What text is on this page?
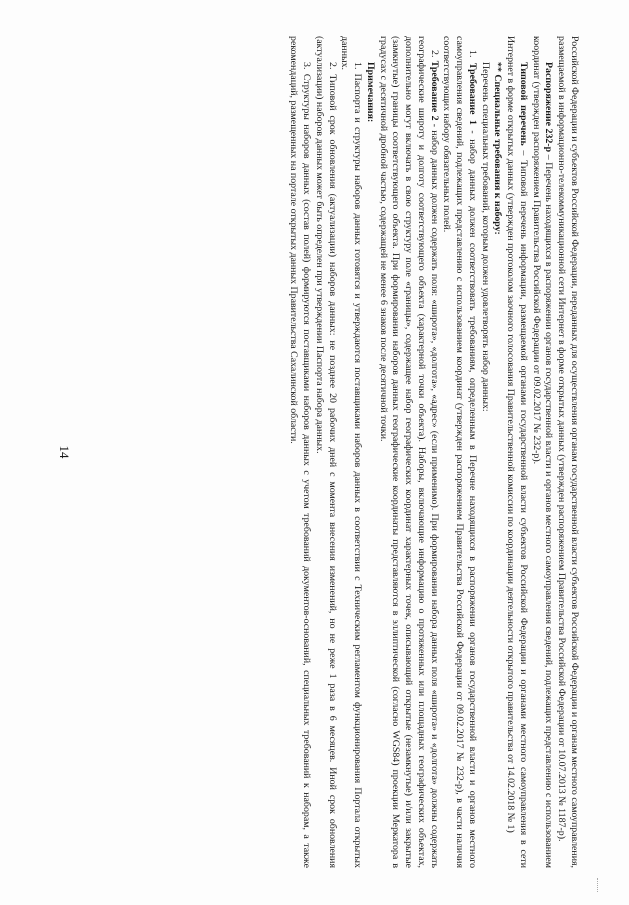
14	Российской Федерации и субъектов Российской Федерации, переданных для осуществления органам государственной власти субъектов Российской Федерации и органам местного самоуправления, размещаемой в информационно-телекоммуникационной сети Интернет в форме открытых данных (утвержден распоряжением Правительства Российской Федерации от 10.07.2013 № 1187-р).

Распоряжение 232-р – Перечень находящихся в распоряжении органов государственной власти и органов местного самоуправления сведений, подлежащих представлению с использованием координат (утвержден распоряжением Правительства Российской Федерации от 09.02.2017 № 232-р).

Типовой перечень – Типовой перечень информации, размещаемой органами государственной власти субъектов Российской Федерации и органами местного самоуправления в сети Интернет в форме открытых данных (утвержден протоколом заочного голосования Правительственной комиссии по координации деятельности открытого правительства от 14.02.2018 № 1)

** Специальные требования к набору:

Перечень специальных требований, которым должен удовлетворять набор данных:

1. Требование 1 - набор данных должен соответствовать требованиям, определенным в Перечне находящихся в распоряжении органов государственной власти и органов местного самоуправления сведений, подлежащих представлению с использованием координат (утвержден распоряжением Правительства Российской Федерации от 09.02.2017 № 232-р), в части наличия соответствующих набору обязательных полей.

2. Требование 2 - набор данных должен содержать поля: «широта», «долгота», «адрес» (если применимо). При формировании набора данных поля «широта» и «долгота» должны содержать географические широту и долготу соответствующего объекта (характерной точки объекта). Наборы, включающие информацию о протяженных или площадных географических объектах, дополнительно могут включать в свою структуру поле «границы», содержащее набор географических координат характерных точек, описывающий открытые (незамкнутые) и/или закрытые (замкнутые) границы соответствующего объекта. При формировании наборов данных географические координаты представляются в эллиптической (согласно WGS84) проекции Меркатора в градусах с десятичной дробной частью, содержащей не менее 6 знаков после десятичной точки.

Примечания:

1. Паспорта и структуры наборов данных готовятся и утверждаются поставщиками наборов данных в соответствии с Техническим регламентом функционирования Портала открытых данных.

2. Типовой срок обновления (актуализации) наборов данных: не позднее 20 рабочих дней с момента внесения изменений, но не реже 1 раза в 6 месяцев. Иной срок обновления (актуализации) наборов данных может быть определен при утверждении Паспорта набора данных.

3. Структуры наборов данных (состав полей) формируются поставщиками наборов данных с учетом требований документов-оснований, специальных требований к наборам, а также рекомендаций, размещенных на портале открытых данных Правительства Сахалинской области.
